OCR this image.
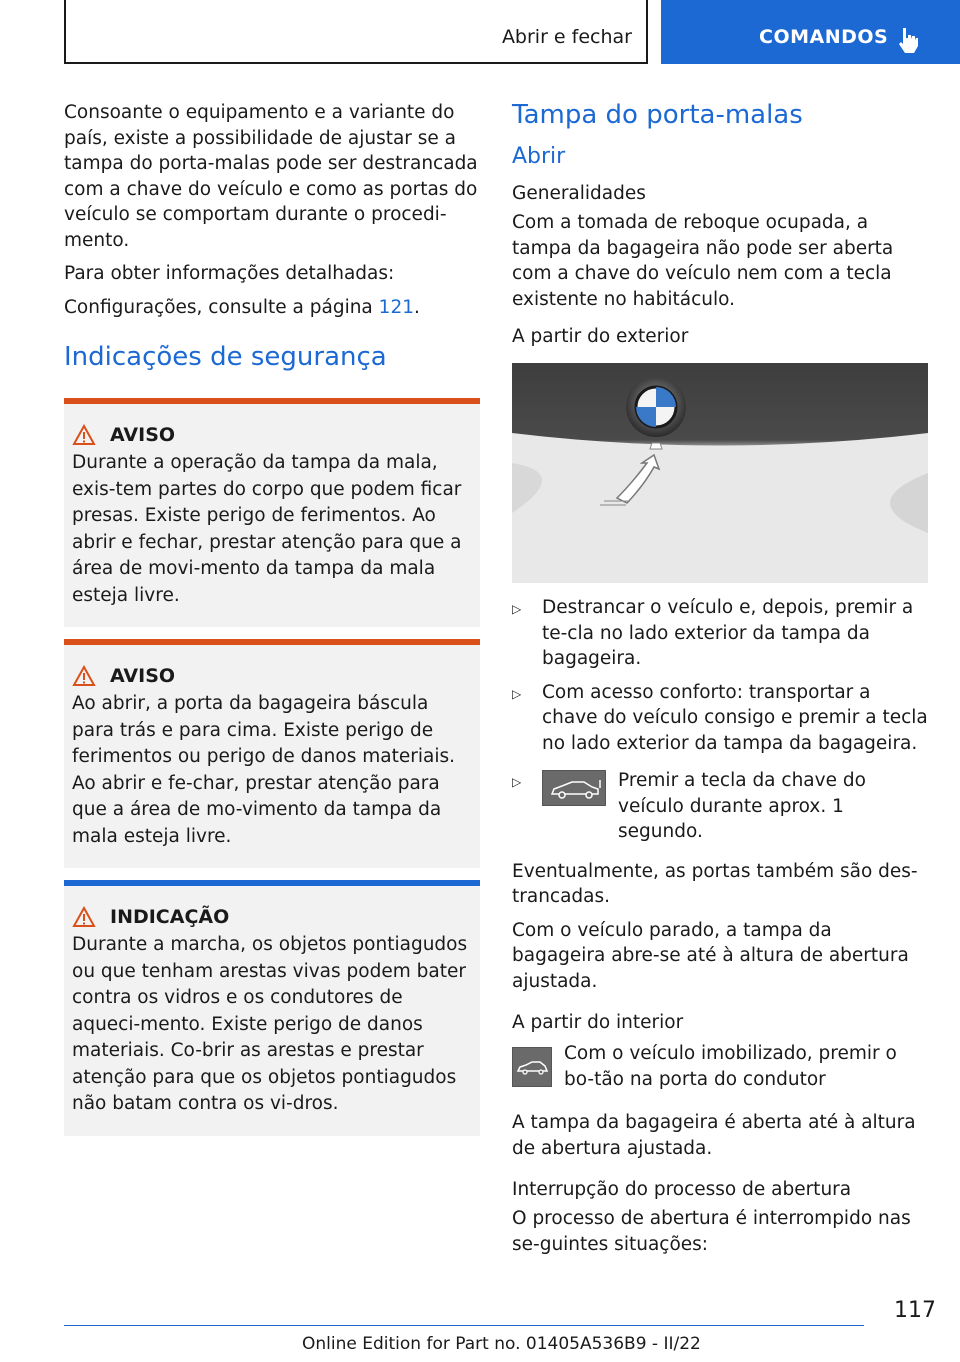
Abrir e fechar	COMANDOS

Consoante o equipamento e a variante do país, existe a possibilidade de ajustar se a tampa do porta-malas pode ser destrancada com a chave do veículo e como as portas do veículo se comportam durante o procedi-mento.

Para obter informações detalhadas:

Configurações, consulte a página 121.

Indicações de segurança
AVISO

Durante a operação da tampa da mala, exis-tem partes do corpo que podem ficar presas. Existe perigo de ferimentos. Ao abrir e fechar, prestar atenção para que a área de movi-mento da tampa da mala esteja livre.

AVISO

Ao abrir, a porta da bagageira báscula para trás e para cima. Existe perigo de ferimentos ou perigo de danos materiais. Ao abrir e fe-char, prestar atenção para que a área de mo-vimento da tampa da mala esteja livre.

INDICAÇÃO

Durante a marcha, os objetos pontiagudos ou que tenham arestas vivas podem bater contra os vidros e os condutores de aqueci-mento. Existe perigo de danos materiais. Co-brir as arestas e prestar atenção para que os objetos pontiagudos não batam contra os vi-dros.

Tampa do porta-malas
Abrir
Generalidades

Com a tomada de reboque ocupada, a tampa da bagageira não pode ser aberta com a chave do veículo nem com a tecla existente no habitáculo.

A partir do exterior
▷	Destrancar o veículo e, depois, premir a te-cla no lado exterior da tampa da bagageira.

▷	Com acesso conforto: transportar a chave do veículo consigo e premir a tecla no lado exterior da tampa da bagageira.

▷	Premir a tecla da chave do veículo durante aprox. 1 segundo.

Eventualmente, as portas também são des-trancadas.

Com o veículo parado, a tampa da bagageira abre-se até à altura de abertura ajustada.

A partir do interior

Com o veículo imobilizado, premir o bo-tão na porta do condutor

A tampa da bagageira é aberta até à altura de abertura ajustada.

Interrupção do processo de abertura

O processo de abertura é interrompido nas se-guintes situações:

117
Online Edition for Part no. 01405A536B9 - II/22
